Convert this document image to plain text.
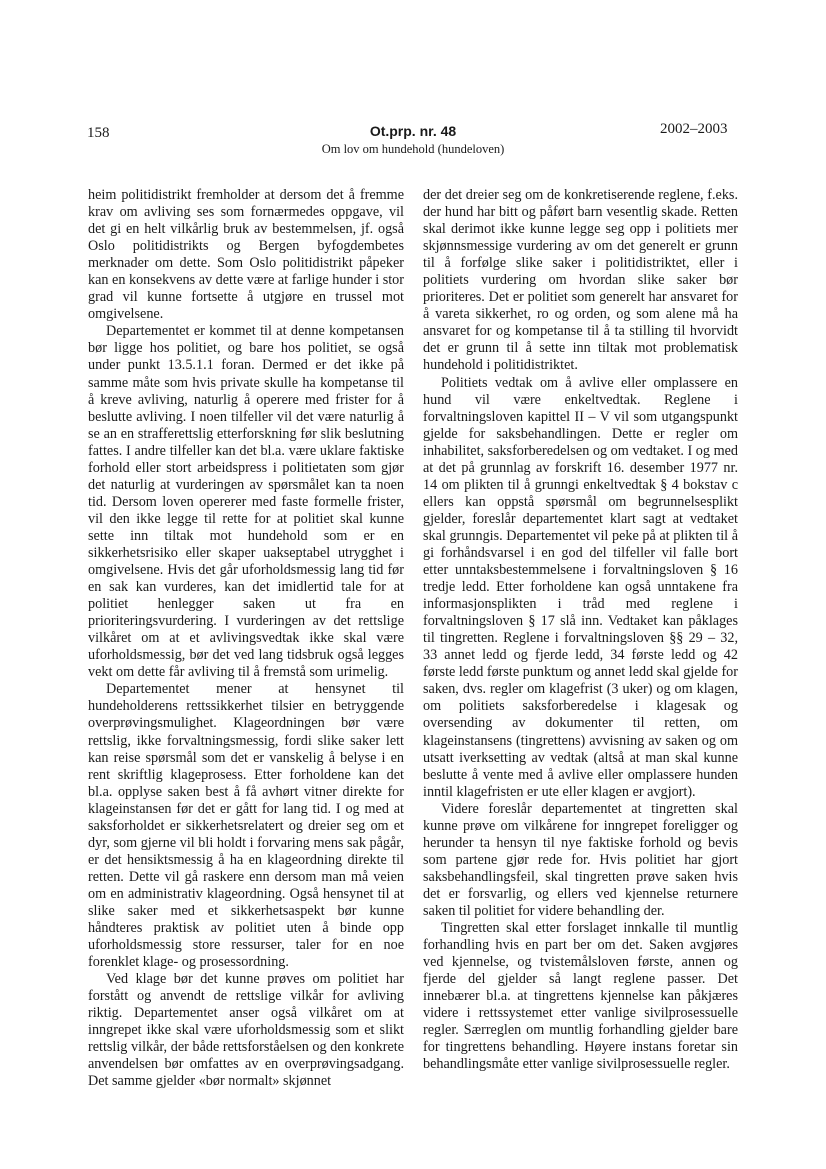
158	Ot.prp. nr. 48
Om lov om hundehold (hundeloven)
2002–2003

heim politidistrikt fremholder at dersom det å fremme krav om avliving ses som fornærmedes oppgave, vil det gi en helt vilkårlig bruk av bestemmelsen, jf. også Oslo politidistrikts og Bergen byfogdembetes merknader om dette. Som Oslo politidistrikt påpeker kan en konsekvens av dette være at farlige hunder i stor grad vil kunne fortsette å utgjøre en trussel mot omgivelsene.

Departementet er kommet til at denne kompetansen bør ligge hos politiet, og bare hos politiet, se også under punkt 13.5.1.1 foran. Dermed er det ikke på samme måte som hvis private skulle ha kompetanse til å kreve avliving, naturlig å operere med frister for å beslutte avliving. I noen tilfeller vil det være naturlig å se an en strafferettslig etterforskning før slik beslutning fattes. I andre tilfeller kan det bl.a. være uklare faktiske forhold eller stort arbeidspress i politietaten som gjør det naturlig at vurderingen av spørsmålet kan ta noen tid. Dersom loven opererer med faste formelle frister, vil den ikke legge til rette for at politiet skal kunne sette inn tiltak mot hundehold som er en sikkerhetsrisiko eller skaper uakseptabel utrygghet i omgivelsene. Hvis det går uforholdsmessig lang tid før en sak kan vurderes, kan det imidlertid tale for at politiet henlegger saken ut fra en prioriteringsvurdering. I vurderingen av det rettslige vilkåret om at et avlivingsvedtak ikke skal være uforholdsmessig, bør det ved lang tidsbruk også legges vekt om dette får avliving til å fremstå som urimelig.

Departementet mener at hensynet til hundeholderens rettssikkerhet tilsier en betryggende overprøvingsmulighet. Klageordningen bør være rettslig, ikke forvaltningsmessig, fordi slike saker lett kan reise spørsmål som det er vanskelig å belyse i en rent skriftlig klageprosess. Etter forholdene kan det bl.a. opplyse saken best å få avhørt vitner direkte for klageinstansen før det er gått for lang tid. I og med at saksforholdet er sikkerhetsrelatert og dreier seg om et dyr, som gjerne vil bli holdt i forvaring mens sak pågår, er det hensiktsmessig å ha en klageordning direkte til retten. Dette vil gå raskere enn dersom man må veien om en administrativ klageordning. Også hensynet til at slike saker med et sikkerhetsaspekt bør kunne håndteres praktisk av politiet uten å binde opp uforholdsmessig store ressurser, taler for en noe forenklet klage- og prosessordning.

Ved klage bør det kunne prøves om politiet har forstått og anvendt de rettslige vilkår for avliving riktig. Departementet anser også vilkåret om at inngrepet ikke skal være uforholdsmessig som et slikt rettslig vilkår, der både rettsforståelsen og den konkrete anvendelsen bør omfattes av en overprøvingsadgang. Det samme gjelder «bør normalt» skjønnet

der det dreier seg om de konkretiserende reglene, f.eks. der hund har bitt og påført barn vesentlig skade. Retten skal derimot ikke kunne legge seg opp i politiets mer skjønnsmessige vurdering av om det generelt er grunn til å forfølge slike saker i politidistriktet, eller i politiets vurdering om hvordan slike saker bør prioriteres. Det er politiet som generelt har ansvaret for å vareta sikkerhet, ro og orden, og som alene må ha ansvaret for og kompetanse til å ta stilling til hvorvidt det er grunn til å sette inn tiltak mot problematisk hundehold i politidistriktet.

Politiets vedtak om å avlive eller omplassere en hund vil være enkeltvedtak. Reglene i forvaltningsloven kapittel II – V vil som utgangspunkt gjelde for saksbehandlingen. Dette er regler om inhabilitet, saksforberedelsen og om vedtaket. I og med at det på grunnlag av forskrift 16. desember 1977 nr. 14 om plikten til å grunngi enkeltvedtak § 4 bokstav c ellers kan oppstå spørsmål om begrunnelsesplikt gjelder, foreslår departementet klart sagt at vedtaket skal grunngis. Departementet vil peke på at plikten til å gi forhåndsvarsel i en god del tilfeller vil falle bort etter unntaksbestemmelsene i forvaltningsloven § 16 tredje ledd. Etter forholdene kan også unntakene fra informasjonsplikten i tråd med reglene i forvaltningsloven § 17 slå inn. Vedtaket kan påklages til tingretten. Reglene i forvaltningsloven §§ 29 – 32, 33 annet ledd og fjerde ledd, 34 første ledd og 42 første ledd første punktum og annet ledd skal gjelde for saken, dvs. regler om klagefrist (3 uker) og om klagen, om politiets saksforberedelse i klagesak og oversending av dokumenter til retten, om klageinstansens (tingrettens) avvisning av saken og om utsatt iverksetting av vedtak (altså at man skal kunne beslutte å vente med å avlive eller omplassere hunden inntil klagefristen er ute eller klagen er avgjort).

Videre foreslår departementet at tingretten skal kunne prøve om vilkårene for inngrepet foreligger og herunder ta hensyn til nye faktiske forhold og bevis som partene gjør rede for. Hvis politiet har gjort saksbehandlingsfeil, skal tingretten prøve saken hvis det er forsvarlig, og ellers ved kjennelse returnere saken til politiet for videre behandling der.

Tingretten skal etter forslaget innkalle til muntlig forhandling hvis en part ber om det. Saken avgjøres ved kjennelse, og tvistemålsloven første, annen og fjerde del gjelder så langt reglene passer. Det innebærer bl.a. at tingrettens kjennelse kan påkjæres videre i rettssystemet etter vanlige sivilprosessuelle regler. Særreglen om muntlig forhandling gjelder bare for tingrettens behandling. Høyere instans foretar sin behandlingsmåte etter vanlige sivilprosessuelle regler.
